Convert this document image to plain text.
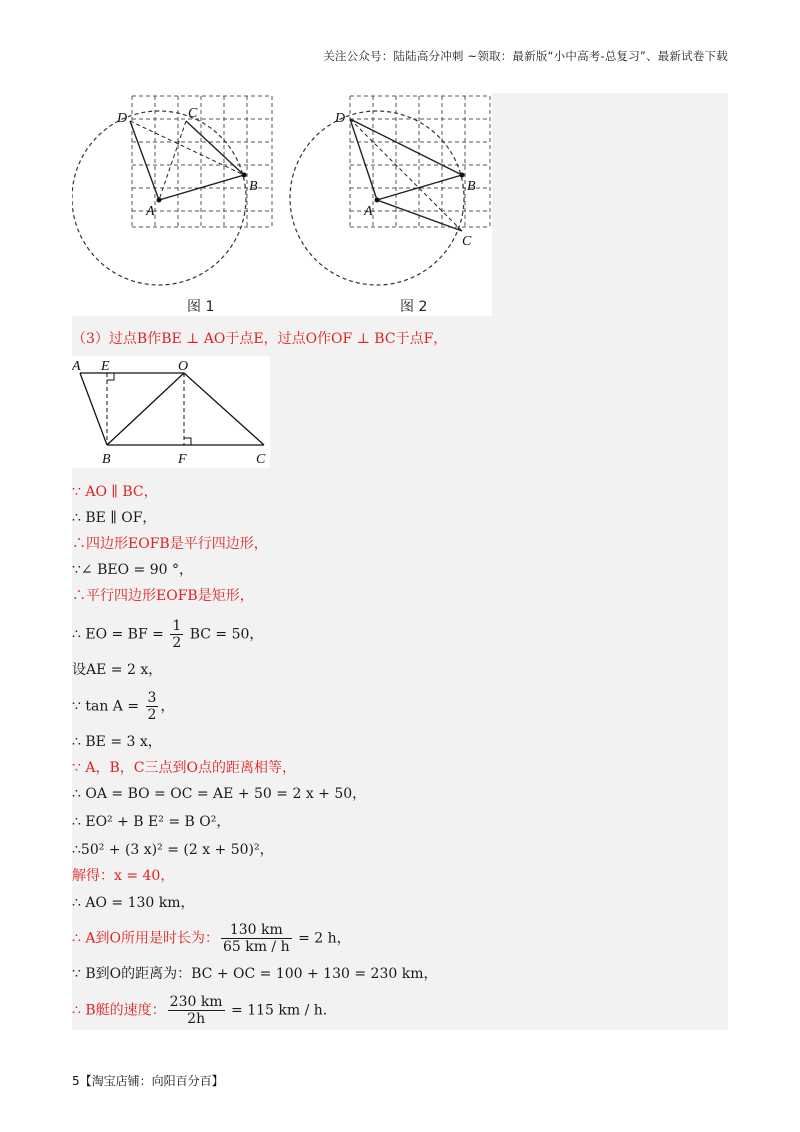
关注公众号：陆陆高分冲刺 ~领取：最新版“小中高考-总复习”、最新试卷下载
D	C
B
A
图 1
D
B
A
C
图 2
（3）过点B作BE ⊥ AO于点E，过点O作OF ⊥ BC于点F，
A E	O
B	F	C
∵ AO ∥ BC，
∴ BE ∥ OF，
∴四边形EOFB是平行四边形，
∵∠ BEO = 90 °，
∴平行四边形EOFB是矩形，
∴ EO = BF = $\frac{1}{2}$ BC = 50，
设AE = 2 x，
∵ $\tan A = \frac{3}{2}$ ，
∴ BE = 3 x，
∵ A，B，C三点到O点的距离相等，
∴ OA = BO = OC = AE + 50 = 2 x + 50，
∴ EO² + B E² = B O²，
∴50² + (3 x)² = (2 x + 50)²，
解得：x = 40，
∴ AO = 130 km，
∴ A到O所用是时长为： $\frac{130 km}{65 km / h} = 2$ h，
∵ B到O的距离为：BC + OC = 100 + 130 = 230 km，
∴ B艇的速度： $\frac{230 km}{2h} = 115$ km / h.
5【淘宝店铺：向阳百分百】
